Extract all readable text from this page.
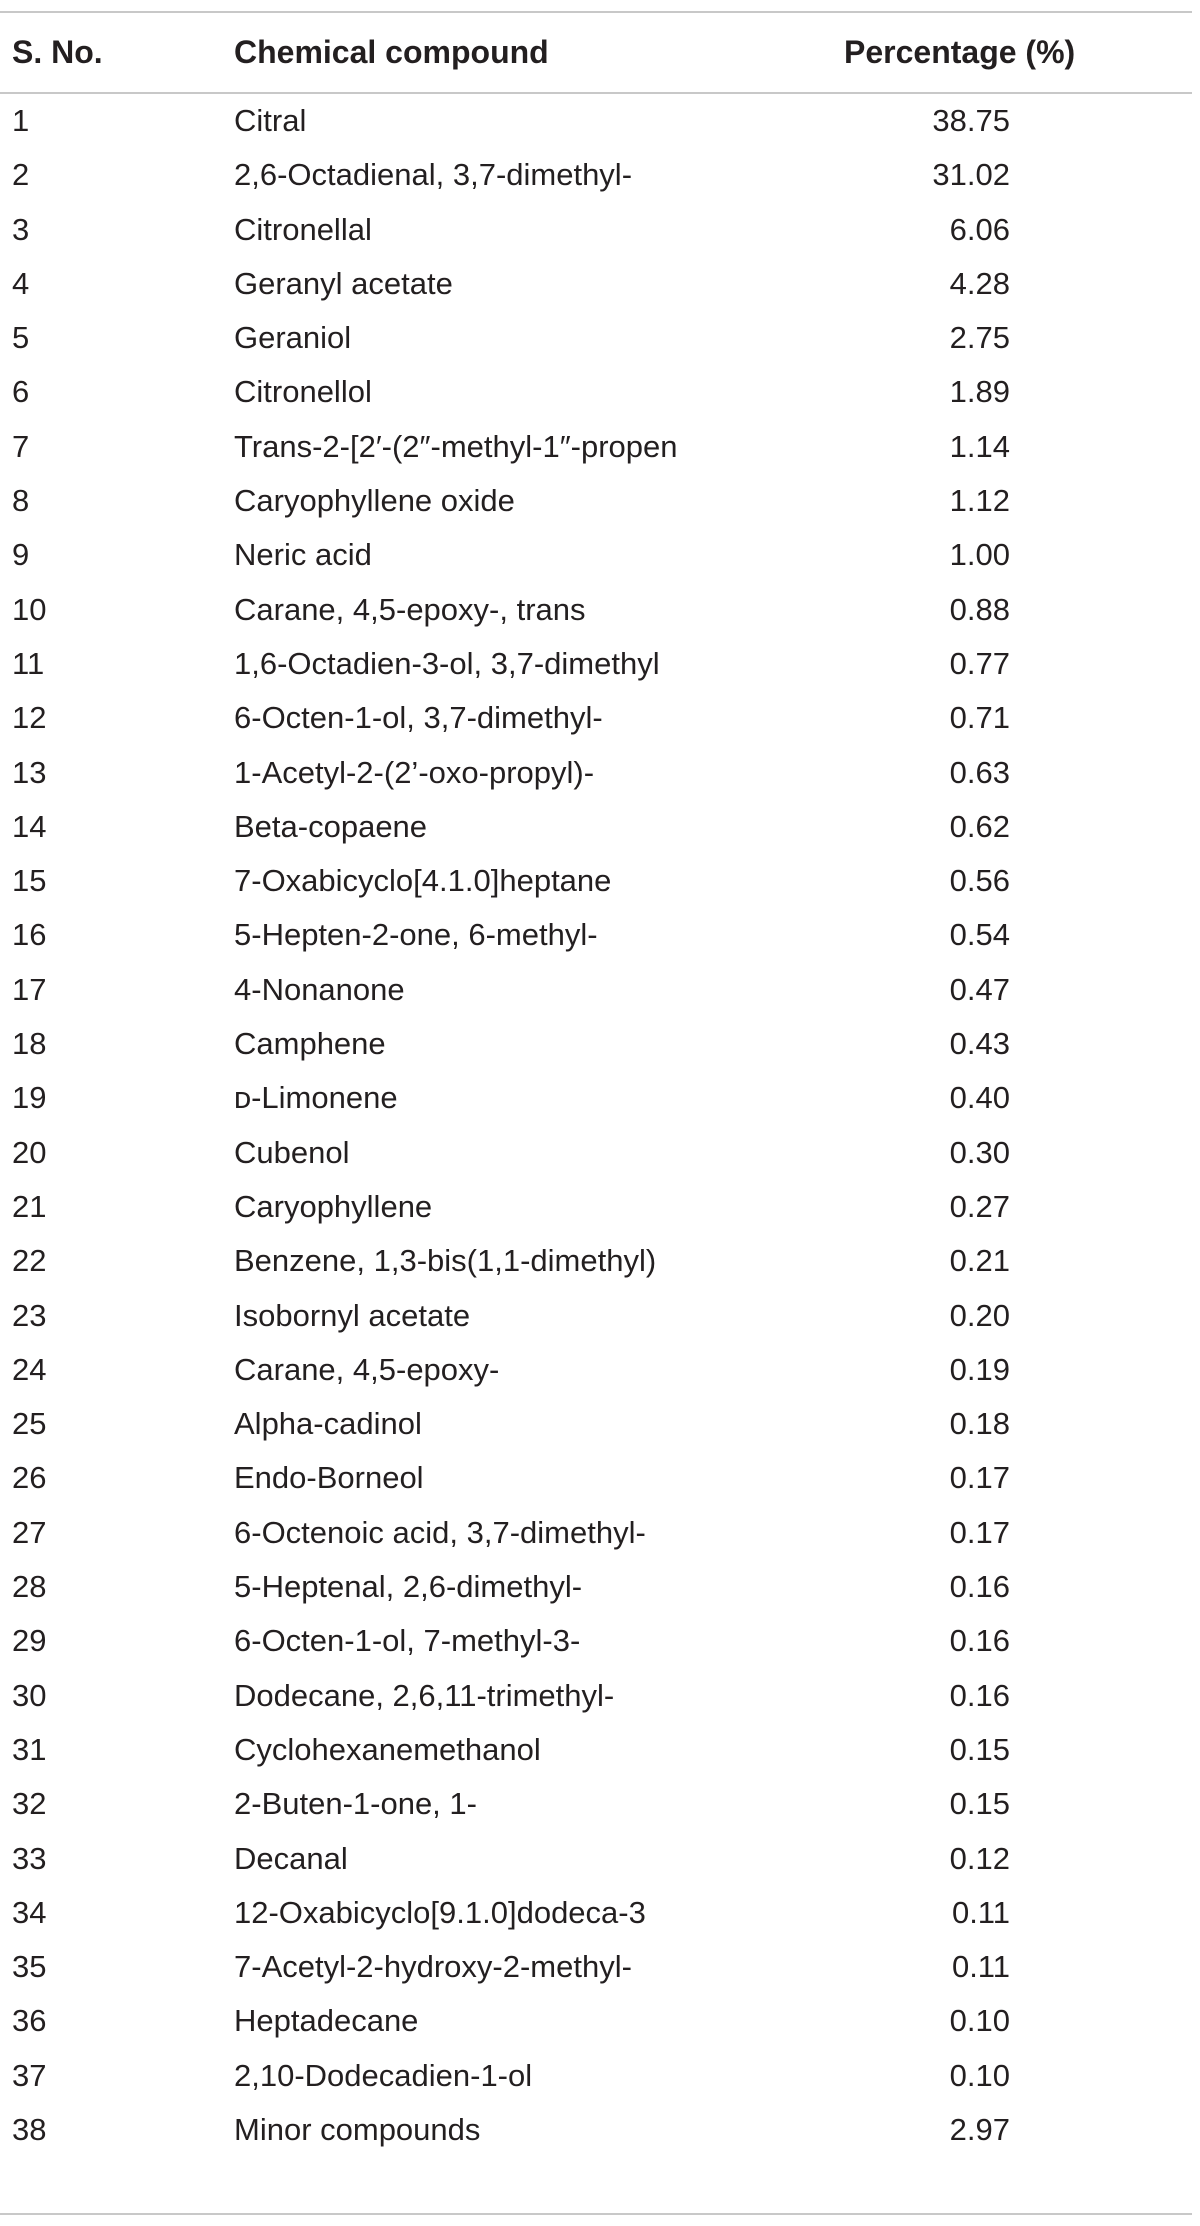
S. No.	Chemical compound	Percentage (%)
1	Citral	38.75
2	2,6-Octadienal, 3,7-dimethyl-	31.02
3	Citronellal	6.06
4	Geranyl acetate	4.28
5	Geraniol	2.75
6	Citronellol	1.89
7	Trans-2-[2′-(2″-methyl-1″-propen	1.14
8	Caryophyllene oxide	1.12
9	Neric acid	1.00
10	Carane, 4,5-epoxy-, trans	0.88
11	1,6-Octadien-3-ol, 3,7-dimethyl	0.77
12	6-Octen-1-ol, 3,7-dimethyl-	0.71
13	1-Acetyl-2-(2’-oxo-propyl)-	0.63
14	Beta-copaene	0.62
15	7-Oxabicyclo[4.1.0]heptane	0.56
16	5-Hepten-2-one, 6-methyl-	0.54
17	4-Nonanone	0.47
18	Camphene	0.43
19	ᴅ-Limonene	0.40
20	Cubenol	0.30
21	Caryophyllene	0.27
22	Benzene, 1,3-bis(1,1-dimethyl)	0.21
23	Isobornyl acetate	0.20
24	Carane, 4,5-epoxy-	0.19
25	Alpha-cadinol	0.18
26	Endo-Borneol	0.17
27	6-Octenoic acid, 3,7-dimethyl-	0.17
28	5-Heptenal, 2,6-dimethyl-	0.16
29	6-Octen-1-ol, 7-methyl-3-	0.16
30	Dodecane, 2,6,11-trimethyl-	0.16
31	Cyclohexanemethanol	0.15
32	2-Buten-1-one, 1-	0.15
33	Decanal	0.12
34	12-Oxabicyclo[9.1.0]dodeca-3	0.11
35	7-Acetyl-2-hydroxy-2-methyl-	0.11
36	Heptadecane	0.10
37	2,10-Dodecadien-1-ol	0.10
38	Minor compounds	2.97
